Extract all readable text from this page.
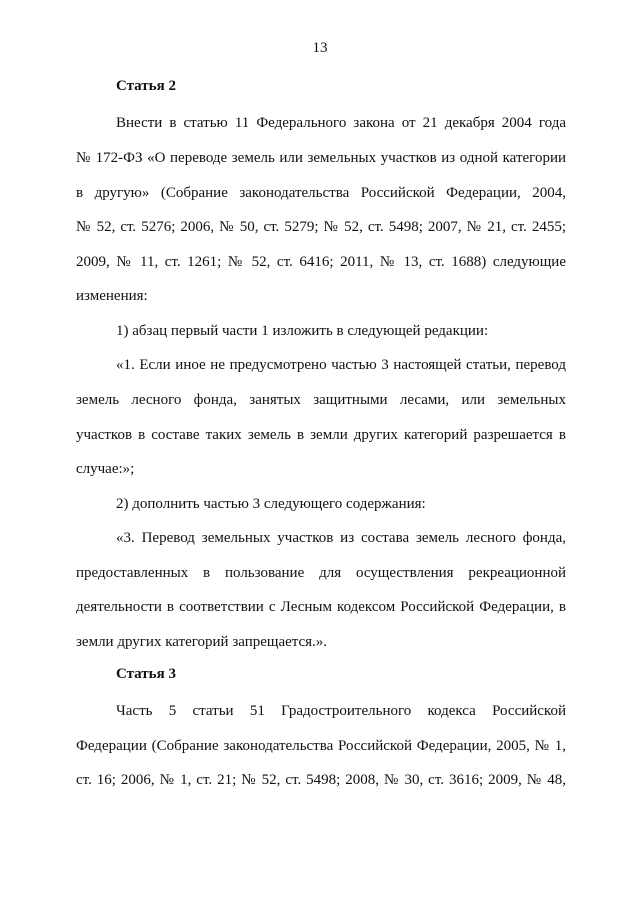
13
Статья 2
Внести в статью 11 Федерального закона от 21 декабря 2004 года
№ 172-ФЗ «О переводе земель или земельных участков из одной категории
в другую» (Собрание законодательства Российской Федерации, 2004,
№ 52, ст. 5276; 2006, № 50, ст. 5279; № 52, ст. 5498; 2007, № 21, ст. 2455;
2009, № 11, ст. 1261; № 52, ст. 6416; 2011, № 13, ст. 1688) следующие
изменения:
1) абзац первый части 1 изложить в следующей редакции:
«1. Если иное не предусмотрено частью 3 настоящей статьи, перевод
земель лесного фонда, занятых защитными лесами, или земельных
участков в составе таких земель в земли других категорий разрешается в
случае:»;
2) дополнить частью 3 следующего содержания:
«3. Перевод земельных участков из состава земель лесного фонда,
предоставленных в пользование для осуществления рекреационной
деятельности в соответствии с Лесным кодексом Российской Федерации, в
земли других категорий запрещается.».
Статья 3
Часть 5 статьи 51 Градостроительного кодекса Российской
Федерации (Собрание законодательства Российской Федерации, 2005, № 1,
ст. 16; 2006, № 1, ст. 21; № 52, ст. 5498; 2008, № 30, ст. 3616; 2009, № 48,
